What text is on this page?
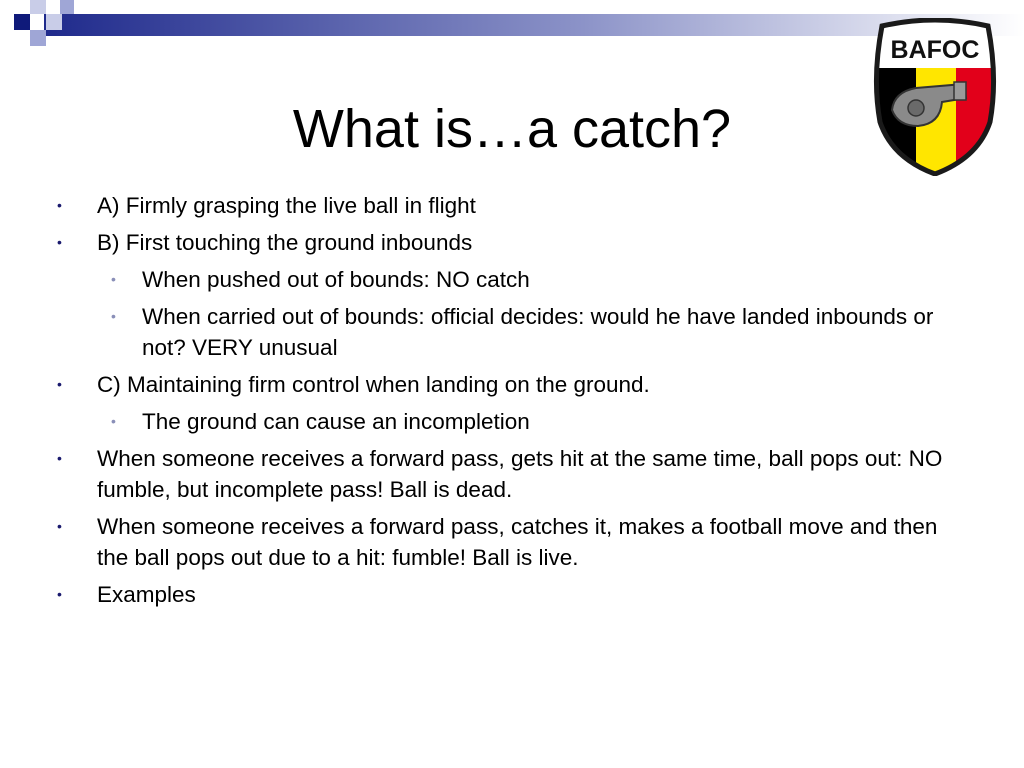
What is…a catch?
BAFOC
• A) Firmly grasping the live ball in flight
• B) First touching the ground inbounds
• When pushed out of bounds: NO catch
• When carried out of bounds: official decides: would he have landed inbounds or not? VERY unusual
• C) Maintaining firm control when landing on the ground.
• The ground can cause an incompletion
• When someone receives a forward pass, gets hit at the same time, ball pops out: NO fumble, but incomplete pass! Ball is dead.
• When someone receives a forward pass, catches it, makes a football move and then the ball pops out due to a hit: fumble! Ball is live.
• Examples
